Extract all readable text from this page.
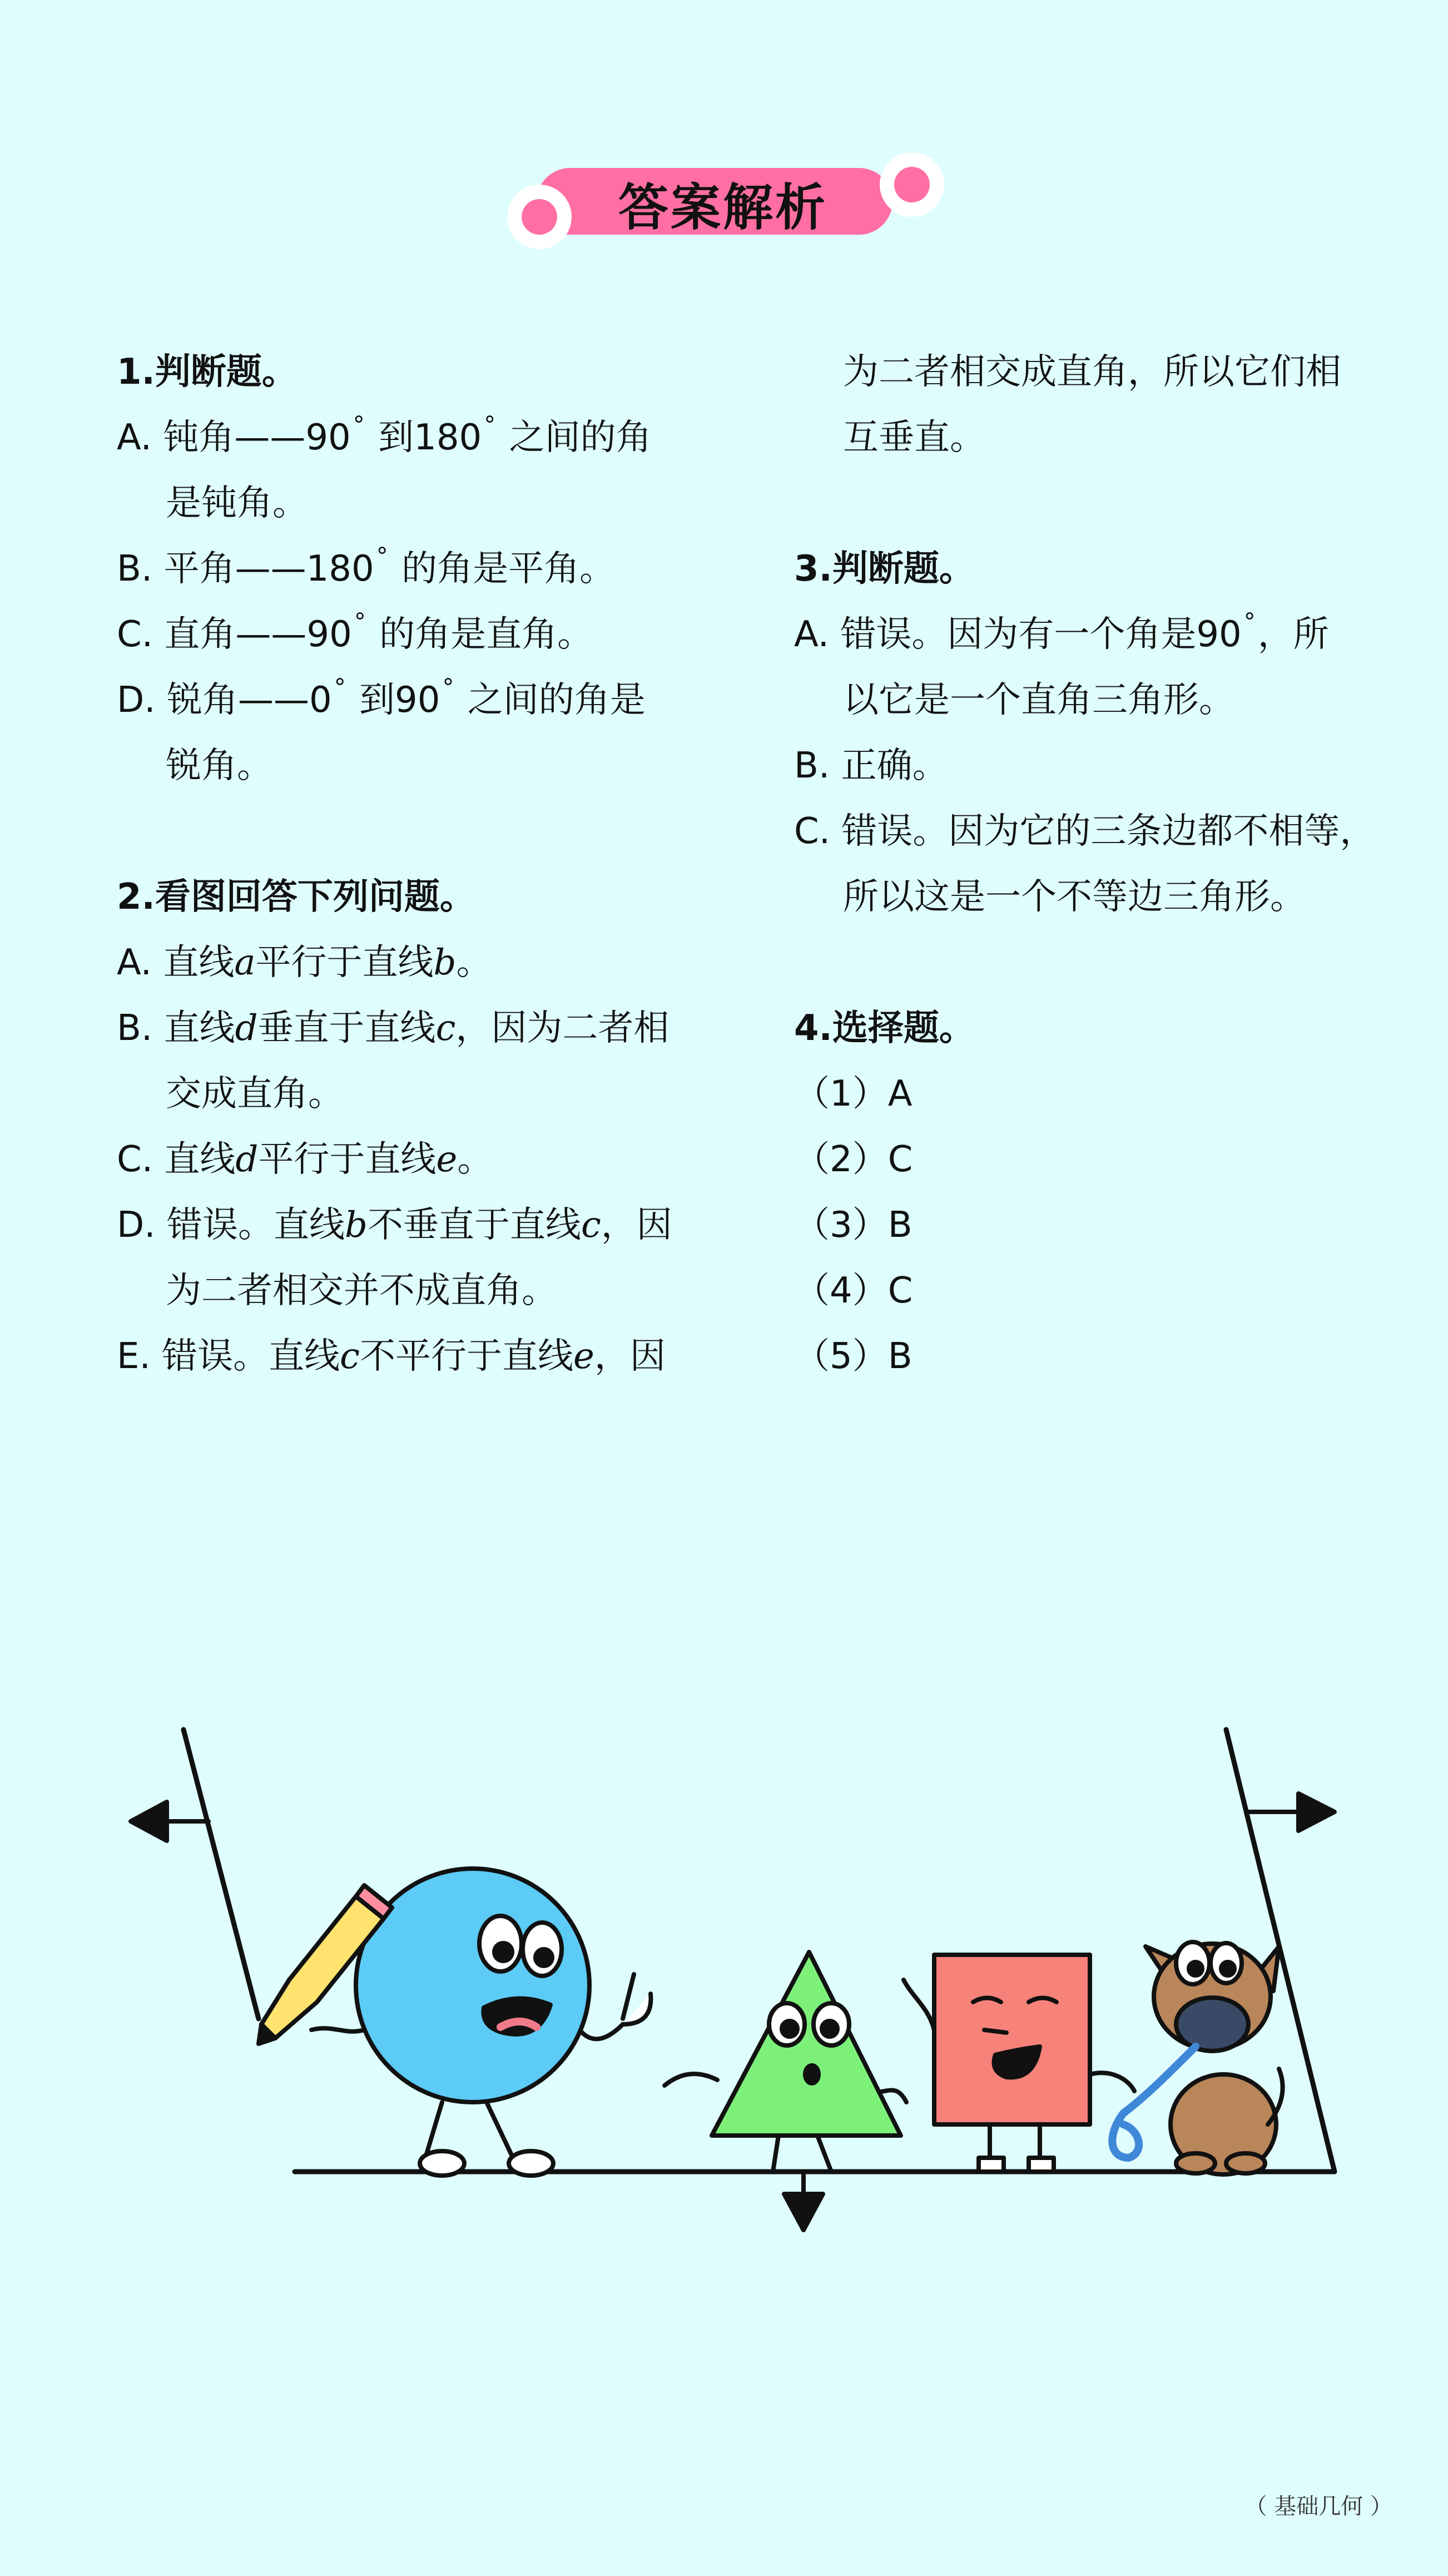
答案解析
1.判断题。
A. 钝角——90° 到180° 之间的角
是钝角。
B. 平角——180° 的角是平角。
C. 直角——90° 的角是直角。
D. 锐角——0° 到90° 之间的角是
锐角。
2.看图回答下列问题。
A. 直线a平行于直线b。
B. 直线d垂直于直线c，因为二者相
交成直角。
C. 直线d平行于直线e。
D. 错误。直线b不垂直于直线c，因
为二者相交并不成直角。
E. 错误。直线c不平行于直线e，因
为二者相交成直角，所以它们相
互垂直。
3.判断题。
A. 错误。因为有一个角是90°，所
以它是一个直角三角形。
B. 正确。
C. 错误。因为它的三条边都不相等，
所以这是一个不等边三角形。
4.选择题。
（1）A
（2）C
（3）B
（4）C
（5）B
（ 基础几何 ）
